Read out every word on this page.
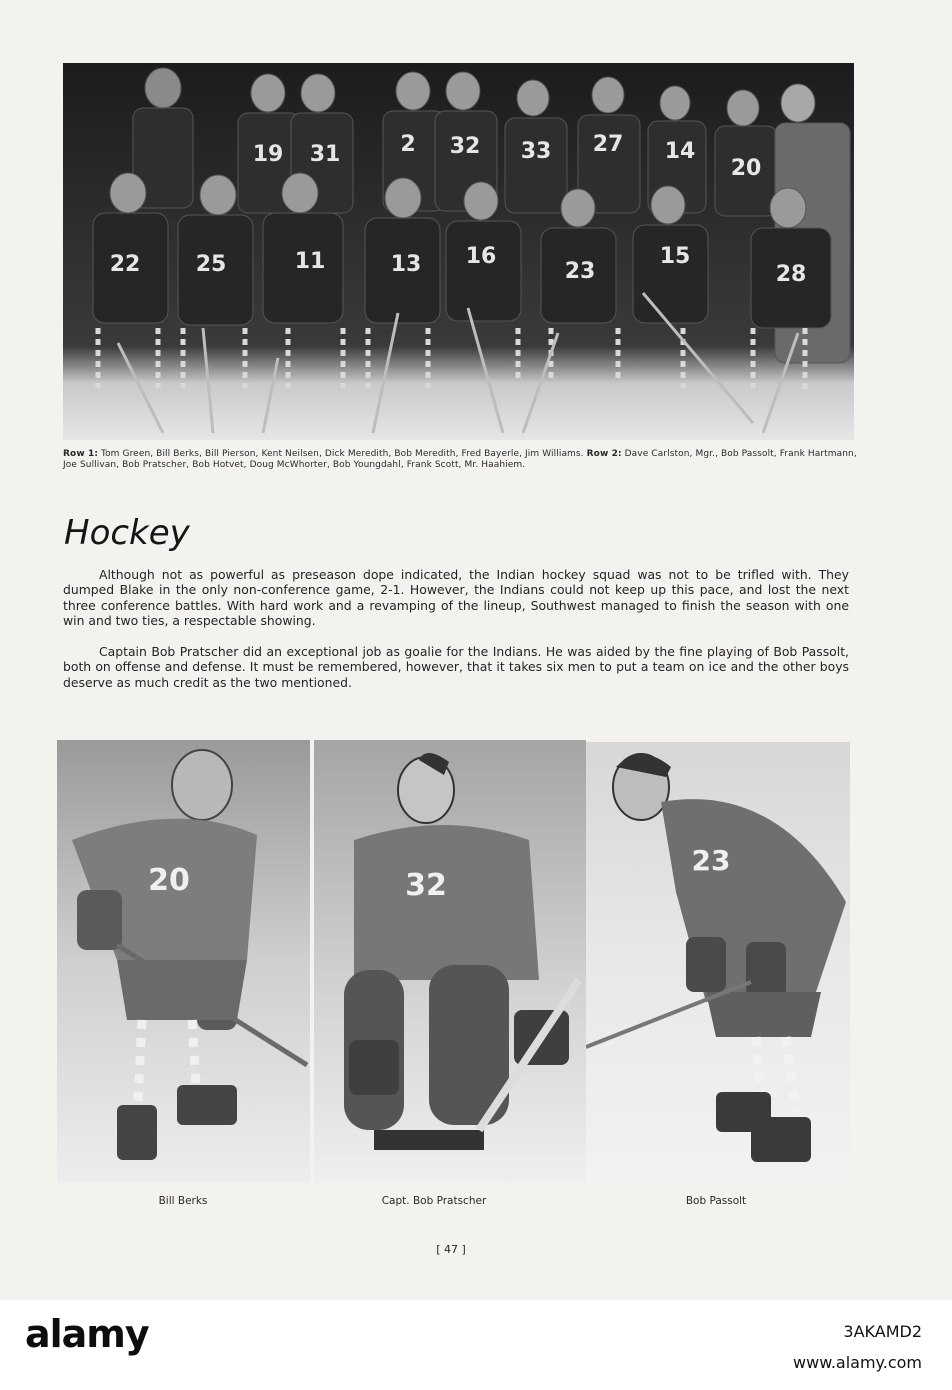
19 31	2 32 33 27 14
20
22	25	11	13 16
23
15
28
Row 1: Tom Green, Bill Berks, Bill Pierson, Kent Neilsen, Dick Meredith, Bob Meredith, Fred Bayerle, Jim Williams. Row 2: Dave Carlston, Mgr., Bob Passolt, Frank Hartmann, Joe Sullivan, Bob Pratscher, Bob Hotvet, Doug McWhorter, Bob Youngdahl, Frank Scott, Mr. Haahiem.
Hockey

Although not as powerful as preseason dope indicated, the Indian hockey squad was not to be trifled with. They dumped Blake in the only non-conference game, 2-1. However, the Indians could not keep up this pace, and lost the next three conference battles. With hard work and a revamping of the lineup, Southwest managed to finish the season with one win and two ties, a respectable showing.

Captain Bob Pratscher did an exceptional job as goalie for the Indians. He was aided by the fine playing of Bob Passolt, both on offense and defense. It must be remembered, however, that it takes six men to put a team on ice and the other boys deserve as much credit as the two mentioned.

20	32
23
Bill Berks	Capt. Bob Pratscher	Bob Passolt
[ 47 ]
alamy	3AKAMD2
www.alamy.com
